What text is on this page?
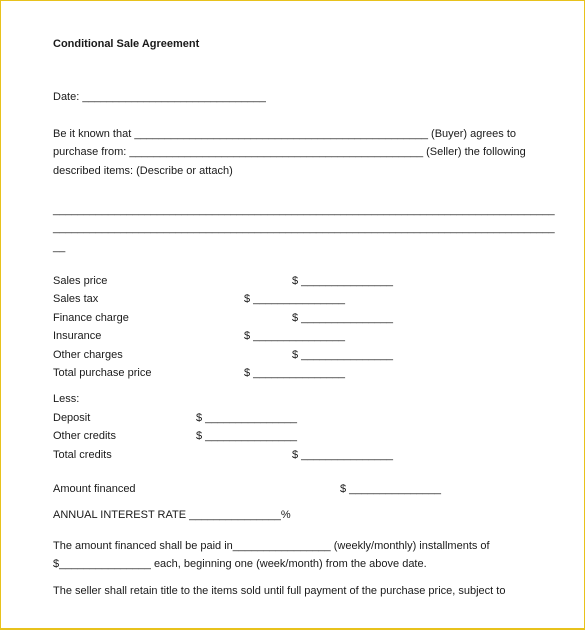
Conditional Sale Agreement
Date: ______________________________
Be it known that ________________________________________________ (Buyer) agrees to
purchase from: ________________________________________________ (Seller) the following
described items: (Describe or attach)
__________________________________________________________________________________
__________________________________________________________________________________
__
Sales price	$ _______________
Sales tax	$ _______________
Finance charge	$ _______________
Insurance	$ _______________
Other charges	$ _______________
Total purchase price	$ _______________
Less:
Deposit	$ _______________
Other credits	$ _______________
Total credits	$ _______________
Amount financed	$ _______________
ANNUAL INTEREST RATE _______________%
The amount financed shall be paid in________________ (weekly/monthly) installments of
$_______________ each, beginning one (week/month) from the above date.
The seller shall retain title to the items sold until full payment of the purchase price, subject to
